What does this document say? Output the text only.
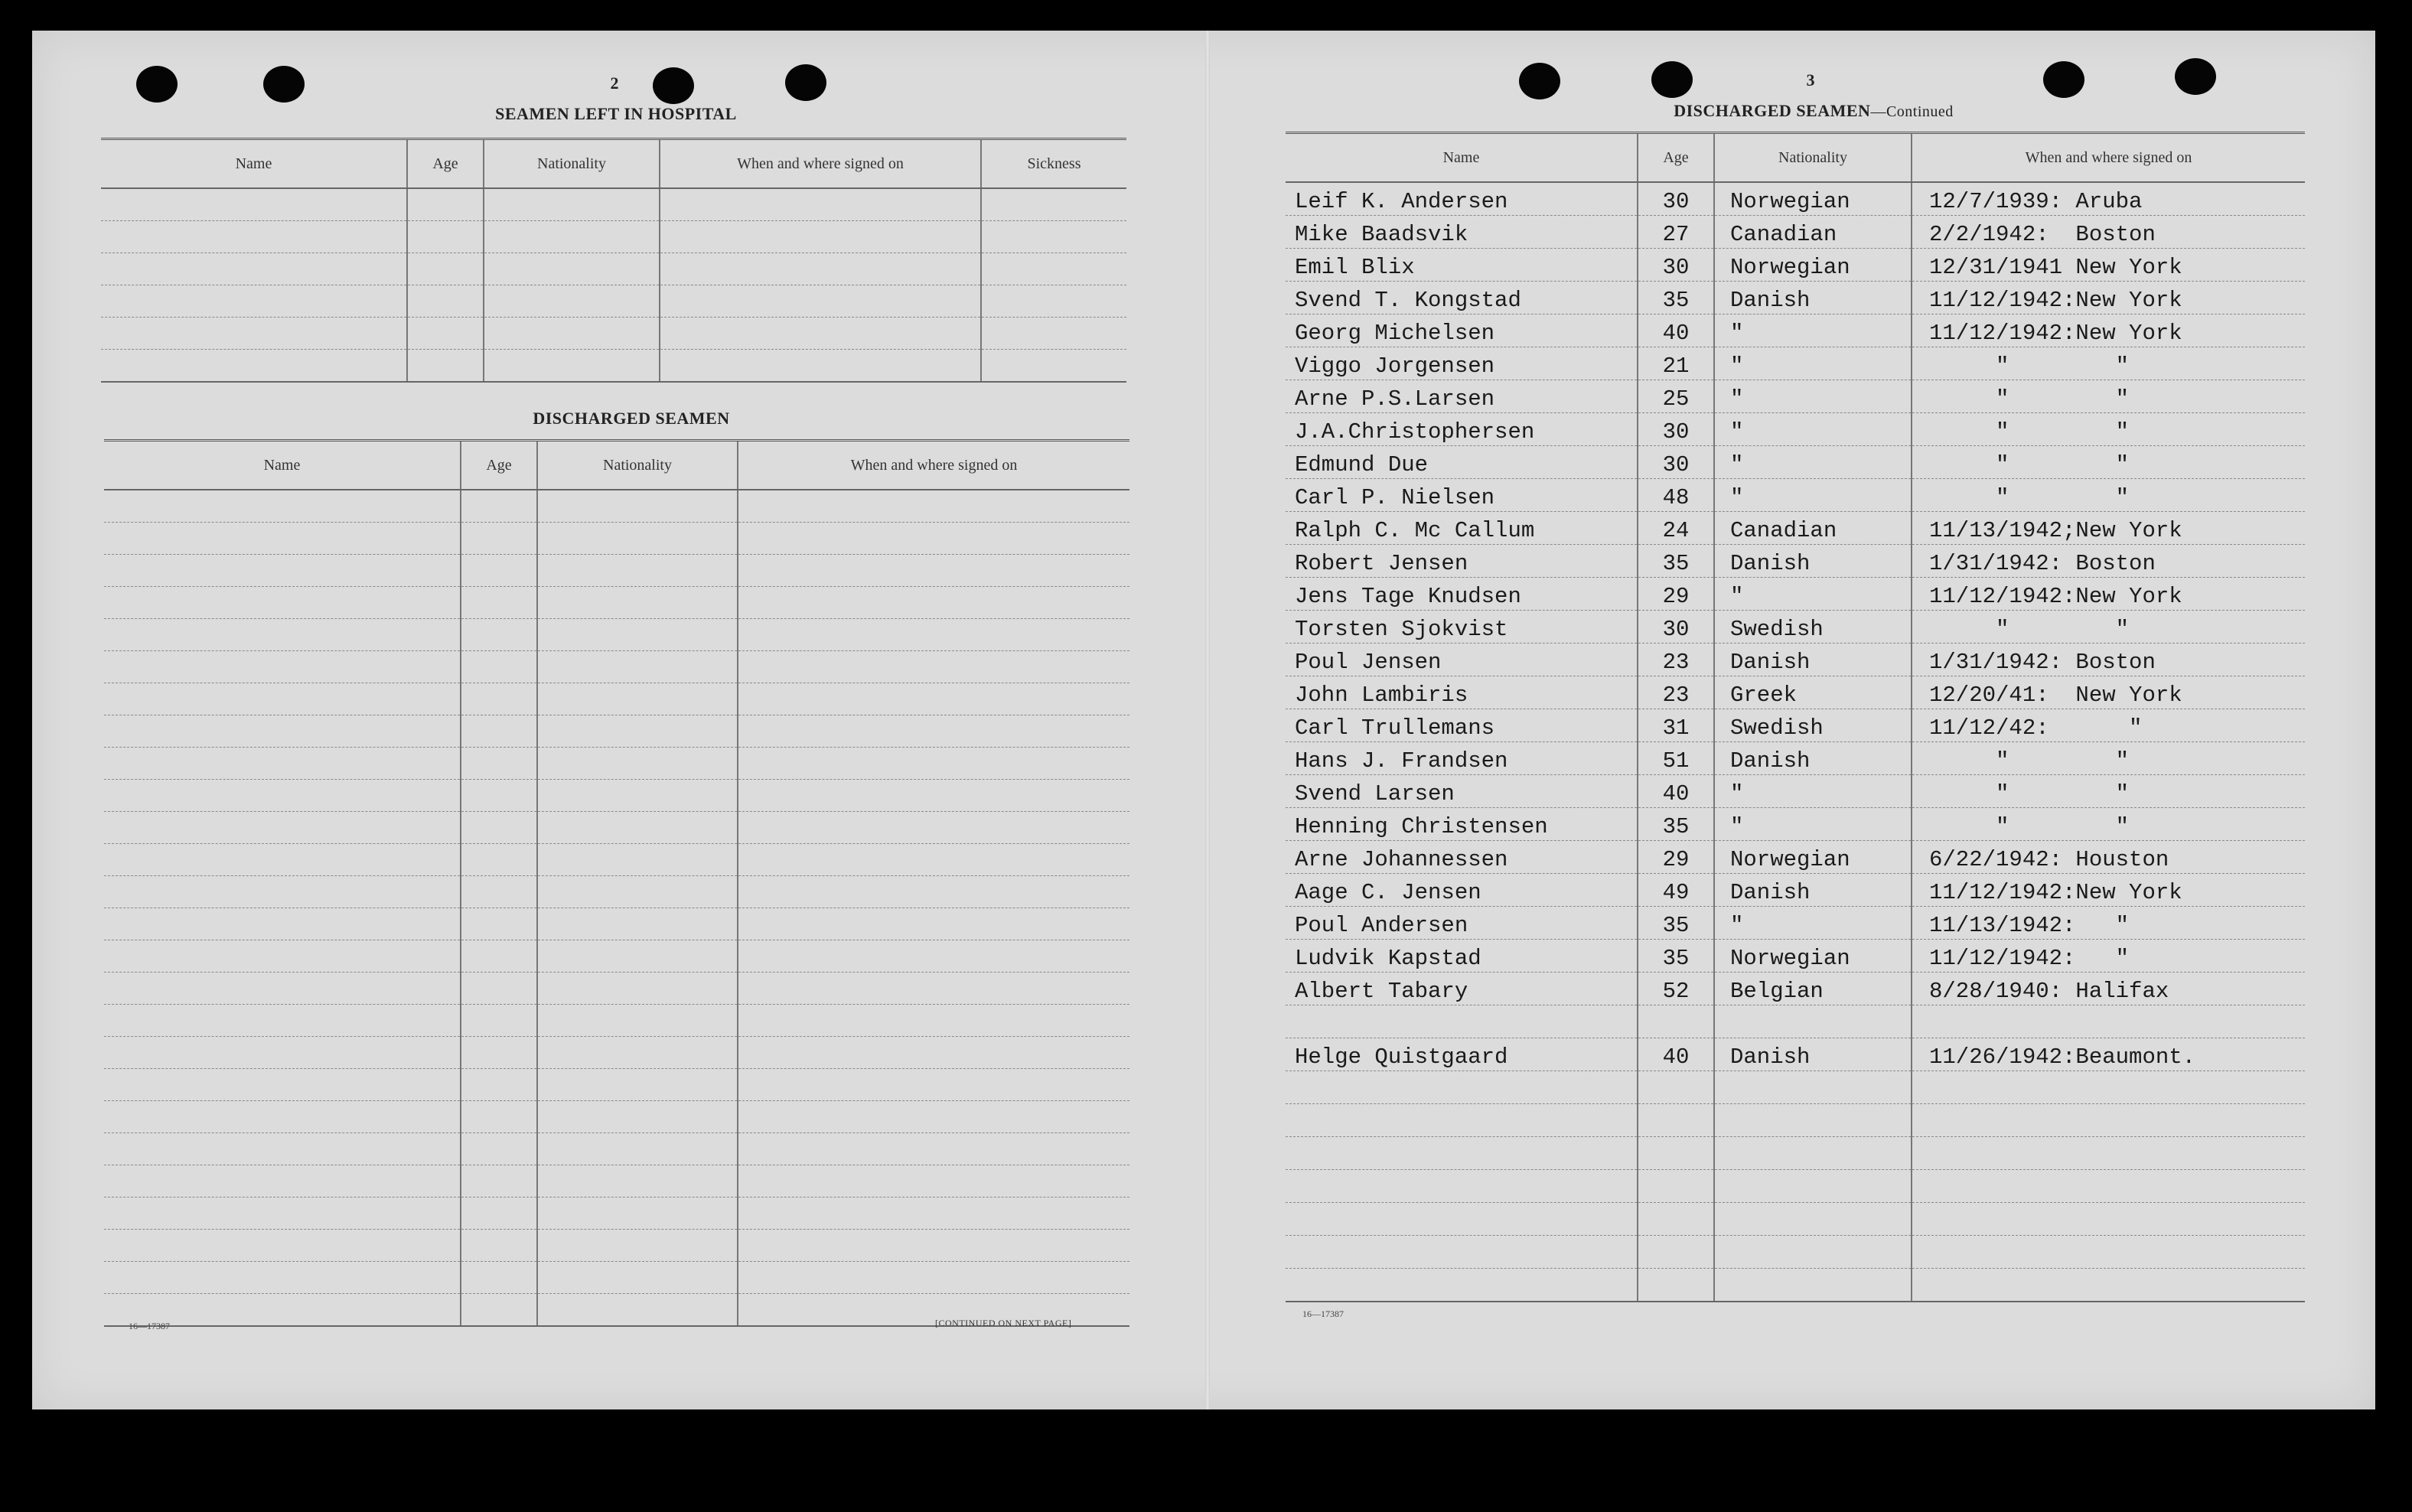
2
SEAMEN LEFT IN HOSPITAL
Name	Age	Nationality	When and where signed on	Sickness

DISCHARGED SEAMEN
Name	Age	Nationality	When and where signed on

16—17387	[CONTINUED ON NEXT PAGE]
3
DISCHARGED SEAMEN—Continued
Name	Age	Nationality	When and where signed on
Leif K. Andersen	30	Norwegian	12/7/1939: Aruba
Mike Baadsvik	27	Canadian	2/2/1942:  Boston
Emil Blix	30	Norwegian	12/31/1941 New York
Svend T. Kongstad	35	Danish	11/12/1942:New York
Georg Michelsen	40	"	11/12/1942:New York
Viggo Jorgensen	21	"	"        "
Arne P.S.Larsen	25	"	"        "
J.A.Christophersen	30	"	"        "
Edmund Due	30	"	"        "
Carl P. Nielsen	48	"	"        "
Ralph C. Mc Callum	24	Canadian	11/13/1942;New York
Robert Jensen	35	Danish	1/31/1942: Boston
Jens Tage Knudsen	29	"	11/12/1942:New York
Torsten Sjokvist	30	Swedish	"        "
Poul Jensen	23	Danish	1/31/1942: Boston
John Lambiris	23	Greek	12/20/41:  New York
Carl Trullemans	31	Swedish	11/12/42:      "
Hans J. Frandsen	51	Danish	"        "
Svend Larsen	40	"	"        "
Henning Christensen	35	"	"        "
Arne Johannessen	29	Norwegian	6/22/1942: Houston
Aage C. Jensen	49	Danish	11/12/1942:New York
Poul Andersen	35	"	11/13/1942:   "
Ludvik Kapstad	35	Norwegian	11/12/1942:   "
Albert Tabary	52	Belgian	8/28/1940: Halifax

Helge Quistgaard	40	Danish	11/26/1942:Beaumont.

16—17387
